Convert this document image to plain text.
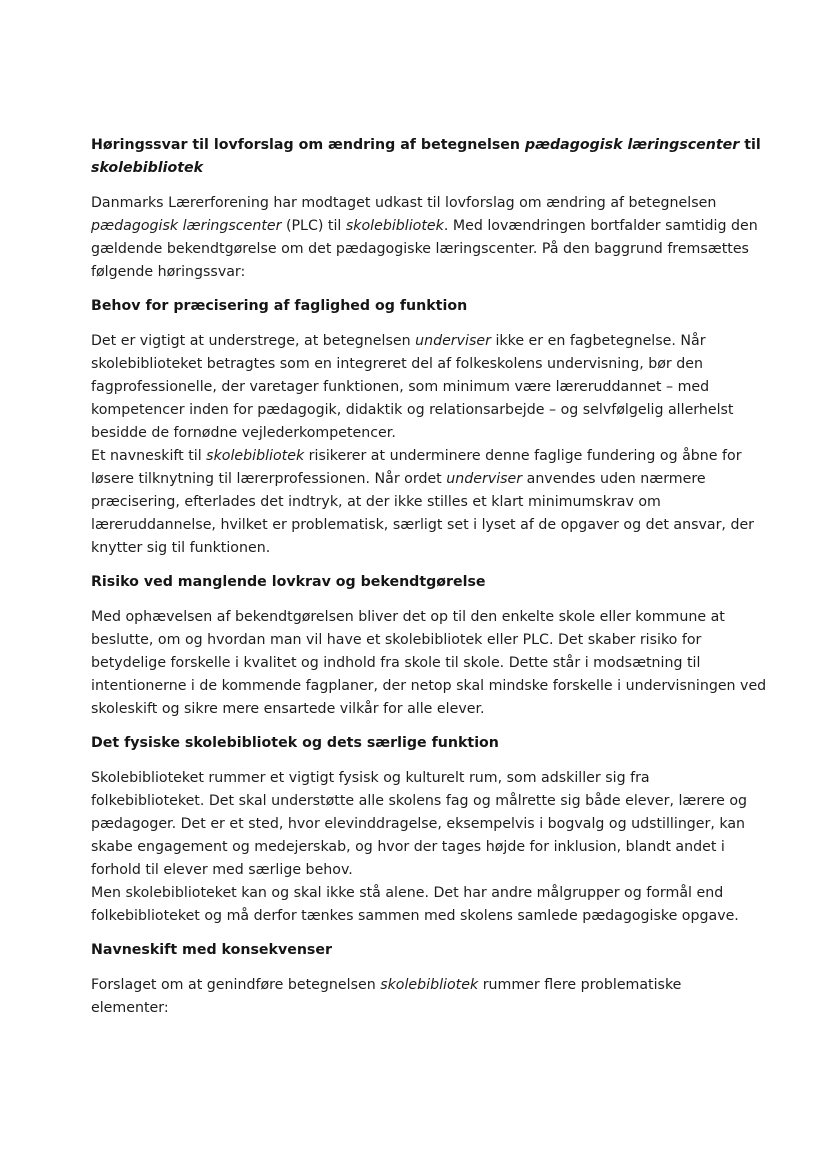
Høringssvar til lovforslag om ændring af betegnelsen pædagogisk læringscenter til
skolebibliotek
Danmarks Lærerforening har modtaget udkast til lovforslag om ændring af betegnelsen
pædagogisk læringscenter (PLC) til skolebibliotek. Med lovændringen bortfalder samtidig den
gældende bekendtgørelse om det pædagogiske læringscenter. På den baggrund fremsættes
følgende høringssvar:
Behov for præcisering af faglighed og funktion
Det er vigtigt at understrege, at betegnelsen underviser ikke er en fagbetegnelse. Når
skolebiblioteket betragtes som en integreret del af folkeskolens undervisning, bør den
fagprofessionelle, der varetager funktionen, som minimum være læreruddannet – med
kompetencer inden for pædagogik, didaktik og relationsarbejde – og selvfølgelig allerhelst
besidde de fornødne vejlederkompetencer.
Et navneskift til skolebibliotek risikerer at underminere denne faglige fundering og åbne for
løsere tilknytning til lærerprofessionen. Når ordet underviser anvendes uden nærmere
præcisering, efterlades det indtryk, at der ikke stilles et klart minimumskrav om
læreruddannelse, hvilket er problematisk, særligt set i lyset af de opgaver og det ansvar, der
knytter sig til funktionen.
Risiko ved manglende lovkrav og bekendtgørelse
Med ophævelsen af bekendtgørelsen bliver det op til den enkelte skole eller kommune at
beslutte, om og hvordan man vil have et skolebibliotek eller PLC. Det skaber risiko for
betydelige forskelle i kvalitet og indhold fra skole til skole. Dette står i modsætning til
intentionerne i de kommende fagplaner, der netop skal mindske forskelle i undervisningen ved
skoleskift og sikre mere ensartede vilkår for alle elever.
Det fysiske skolebibliotek og dets særlige funktion
Skolebiblioteket rummer et vigtigt fysisk og kulturelt rum, som adskiller sig fra
folkebiblioteket. Det skal understøtte alle skolens fag og målrette sig både elever, lærere og
pædagoger. Det er et sted, hvor elevinddragelse, eksempelvis i bogvalg og udstillinger, kan
skabe engagement og medejerskab, og hvor der tages højde for inklusion, blandt andet i
forhold til elever med særlige behov.
Men skolebiblioteket kan og skal ikke stå alene. Det har andre målgrupper og formål end
folkebiblioteket og må derfor tænkes sammen med skolens samlede pædagogiske opgave.
Navneskift med konsekvenser
Forslaget om at genindføre betegnelsen skolebibliotek rummer flere problematiske
elementer:
